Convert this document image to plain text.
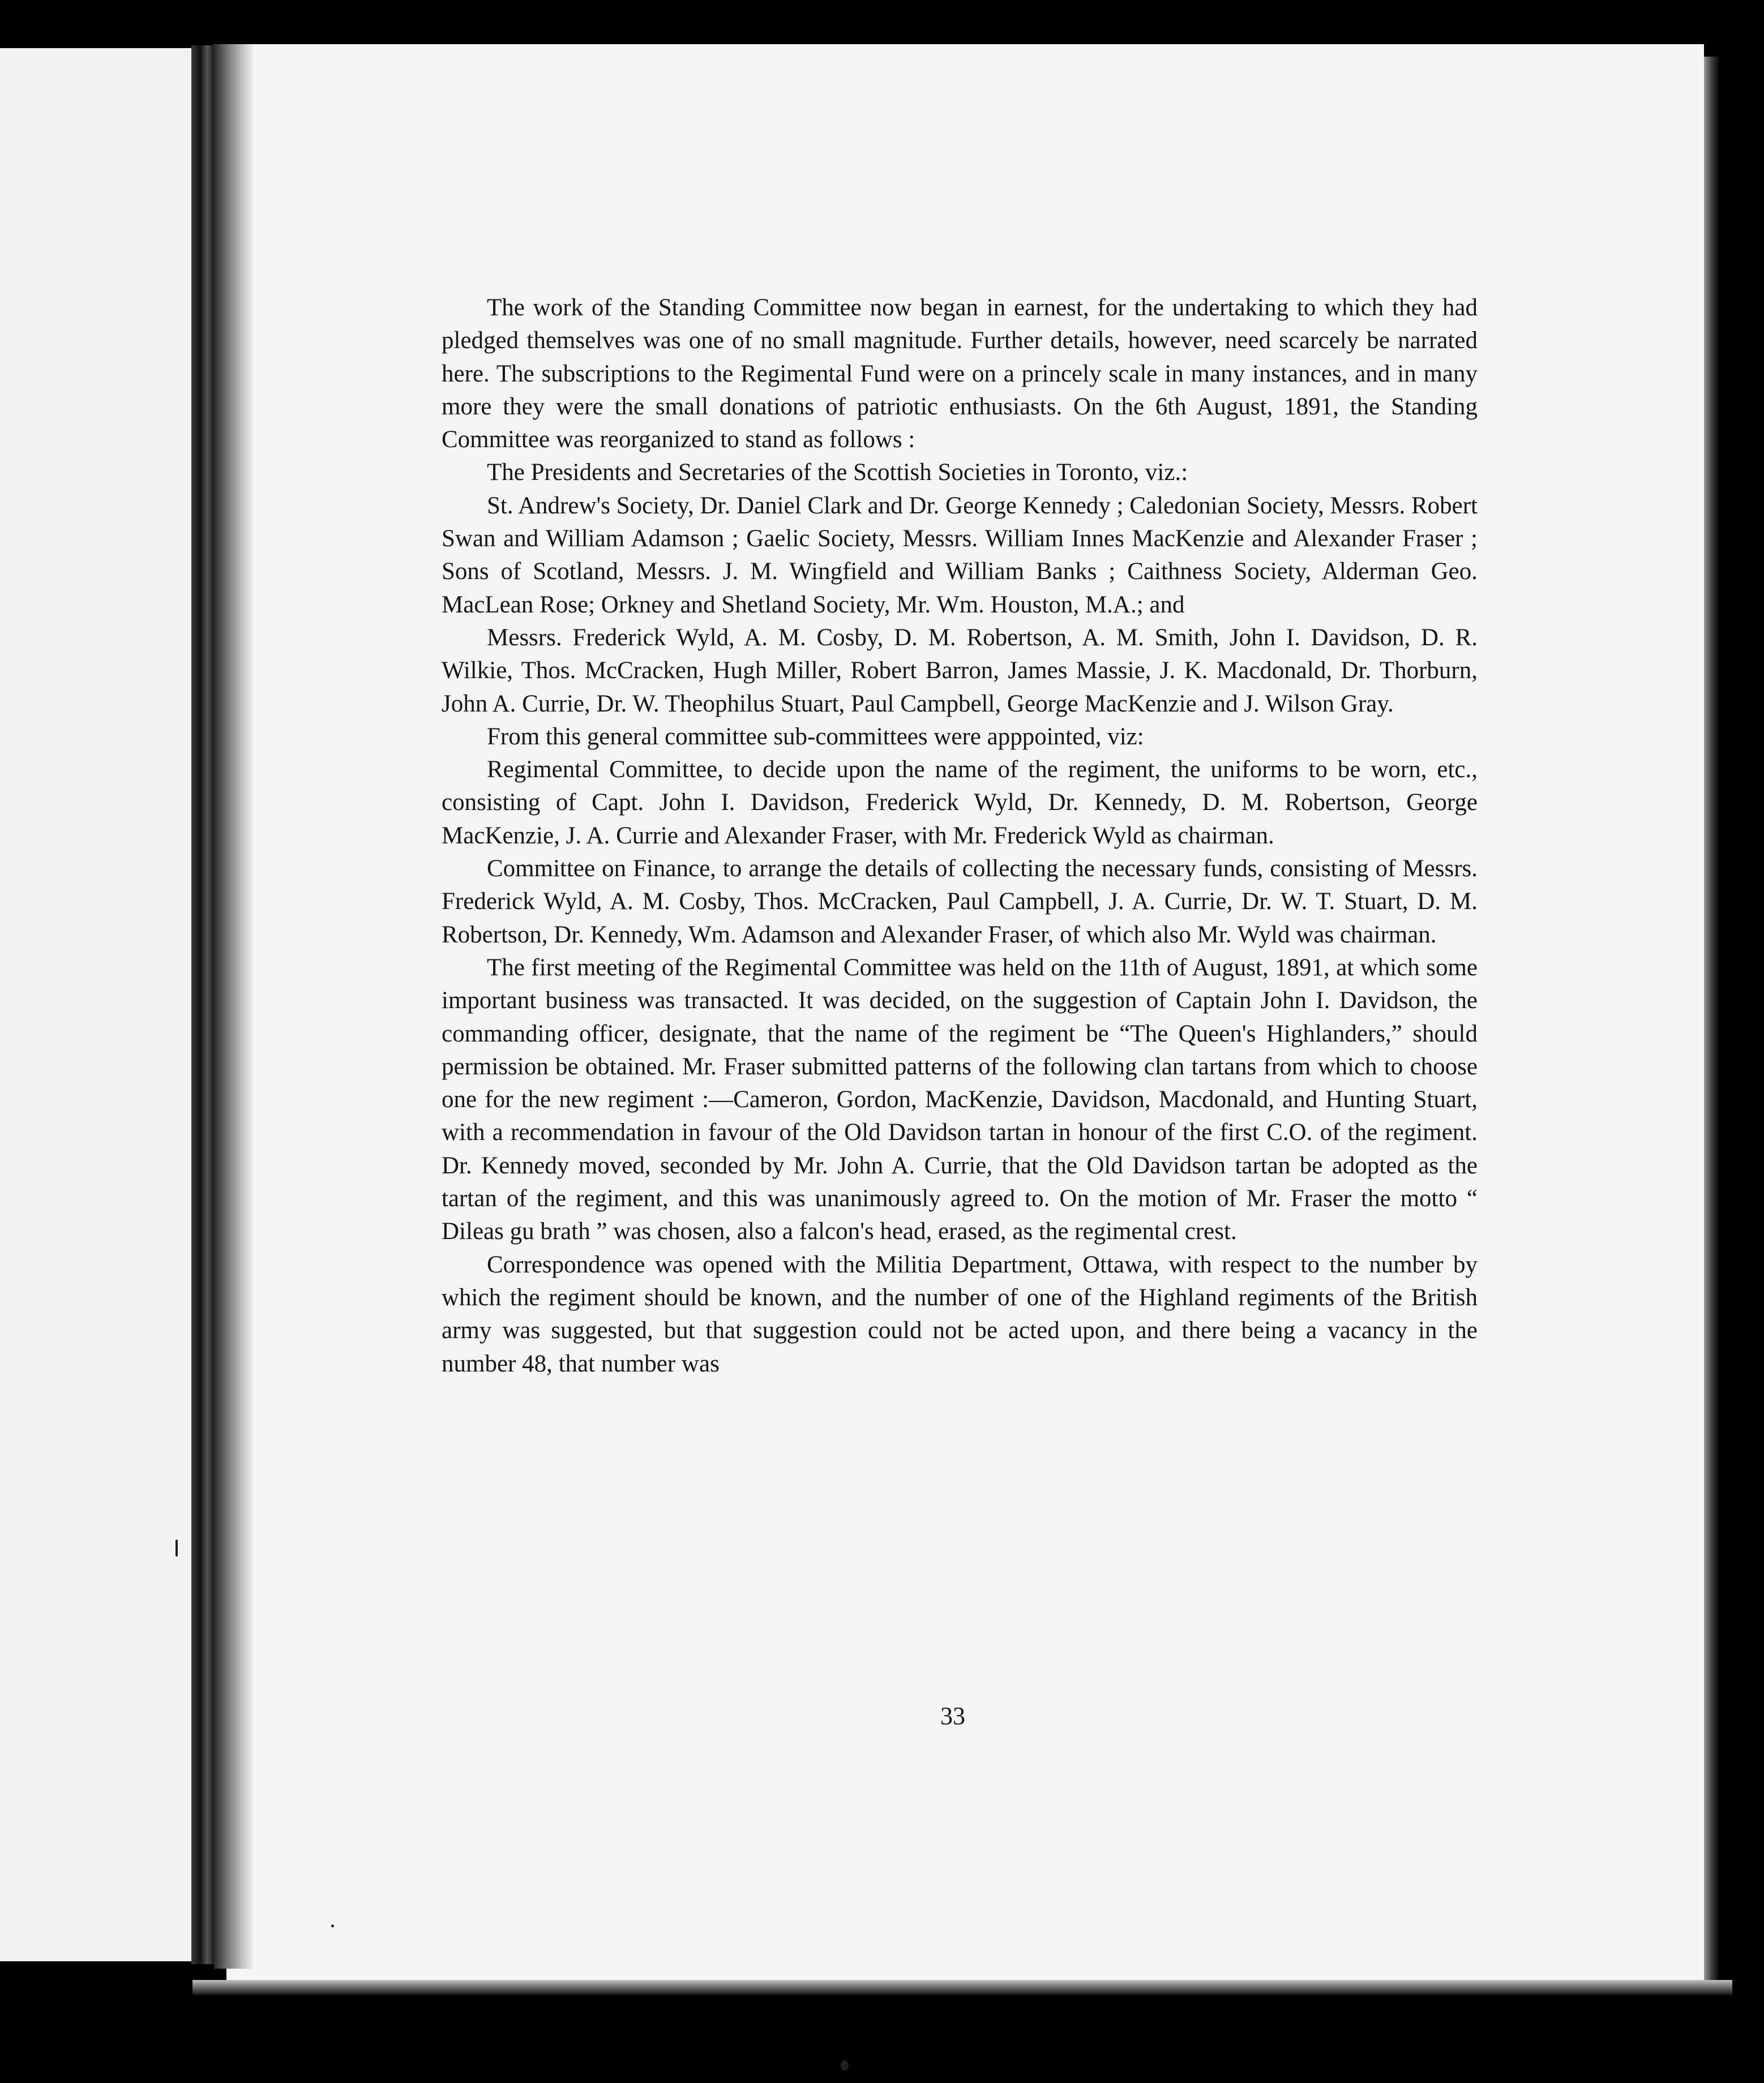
The work of the Standing Committee now began in earnest, for the undertaking to which they had pledged themselves was one of no small magnitude. Further details, however, need scarcely be narrated here. The subscriptions to the Regimental Fund were on a princely scale in many instances, and in many more they were the small donations of patriotic enthusiasts. On the 6th August, 1891, the Standing Committee was reorganized to stand as follows :

The Presidents and Secretaries of the Scottish Societies in Toronto, viz.:

St. Andrew's Society, Dr. Daniel Clark and Dr. George Kennedy ; Caledonian Society, Messrs. Robert Swan and William Adamson ; Gaelic Society, Messrs. William Innes MacKenzie and Alexander Fraser ; Sons of Scotland, Messrs. J. M. Wingfield and William Banks ; Caithness Society, Alderman Geo. MacLean Rose; Orkney and Shetland Society, Mr. Wm. Houston, M.A.; and

Messrs. Frederick Wyld, A. M. Cosby, D. M. Robertson, A. M. Smith, John I. Davidson, D. R. Wilkie, Thos. McCracken, Hugh Miller, Robert Barron, James Massie, J. K. Macdonald, Dr. Thorburn, John A. Currie, Dr. W. Theophilus Stuart, Paul Campbell, George MacKenzie and J. Wilson Gray.

From this general committee sub-committees were apppointed, viz:

Regimental Committee, to decide upon the name of the regiment, the uniforms to be worn, etc., consisting of Capt. John I. Davidson, Frederick Wyld, Dr. Kennedy, D. M. Robertson, George MacKenzie, J. A. Currie and Alexander Fraser, with Mr. Frederick Wyld as chairman.

Committee on Finance, to arrange the details of collecting the necessary funds, consisting of Messrs. Frederick Wyld, A. M. Cosby, Thos. McCracken, Paul Campbell, J. A. Currie, Dr. W. T. Stuart, D. M. Robertson, Dr. Kennedy, Wm. Adamson and Alexander Fraser, of which also Mr. Wyld was chairman.

The first meeting of the Regimental Committee was held on the 11th of August, 1891, at which some important business was transacted. It was decided, on the suggestion of Captain John I. Davidson, the commanding officer, designate, that the name of the regiment be “The Queen's Highlanders,” should permission be obtained. Mr. Fraser submitted patterns of the following clan tartans from which to choose one for the new regiment :—Cameron, Gordon, MacKenzie, Davidson, Macdonald, and Hunting Stuart, with a recommendation in favour of the Old Davidson tartan in honour of the first C.O. of the regiment. Dr. Kennedy moved, seconded by Mr. John A. Currie, that the Old Davidson tartan be adopted as the tartan of the regiment, and this was unanimously agreed to. On the motion of Mr. Fraser the motto “ Dileas gu brath ” was chosen, also a falcon's head, erased, as the regimental crest.

Correspondence was opened with the Militia Department, Ottawa, with respect to the number by which the regiment should be known, and the number of one of the Highland regiments of the British army was suggested, but that suggestion could not be acted upon, and there being a vacancy in the number 48, that number was

33
